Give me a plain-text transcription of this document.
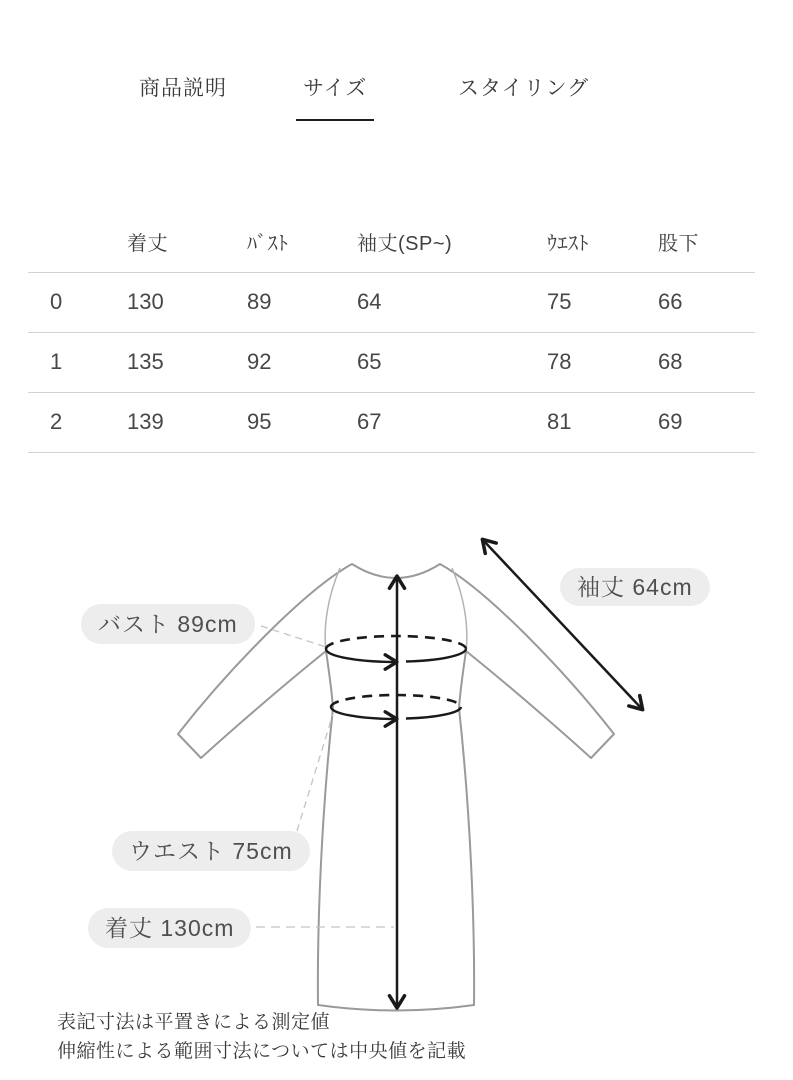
商品説明	サイズ	スタイリング
	着丈	ﾊﾞｽﾄ	袖丈(SP~)	ｳｴｽﾄ	股下
0	130	89	64	75	66
1	135	92	65	78	68
2	139	95	67	81	69
袖丈 64cm
バスト 89cm
ウエスト 75cm
着丈 130cm
表記寸法は平置きによる測定値
伸縮性による範囲寸法については中央値を記載
